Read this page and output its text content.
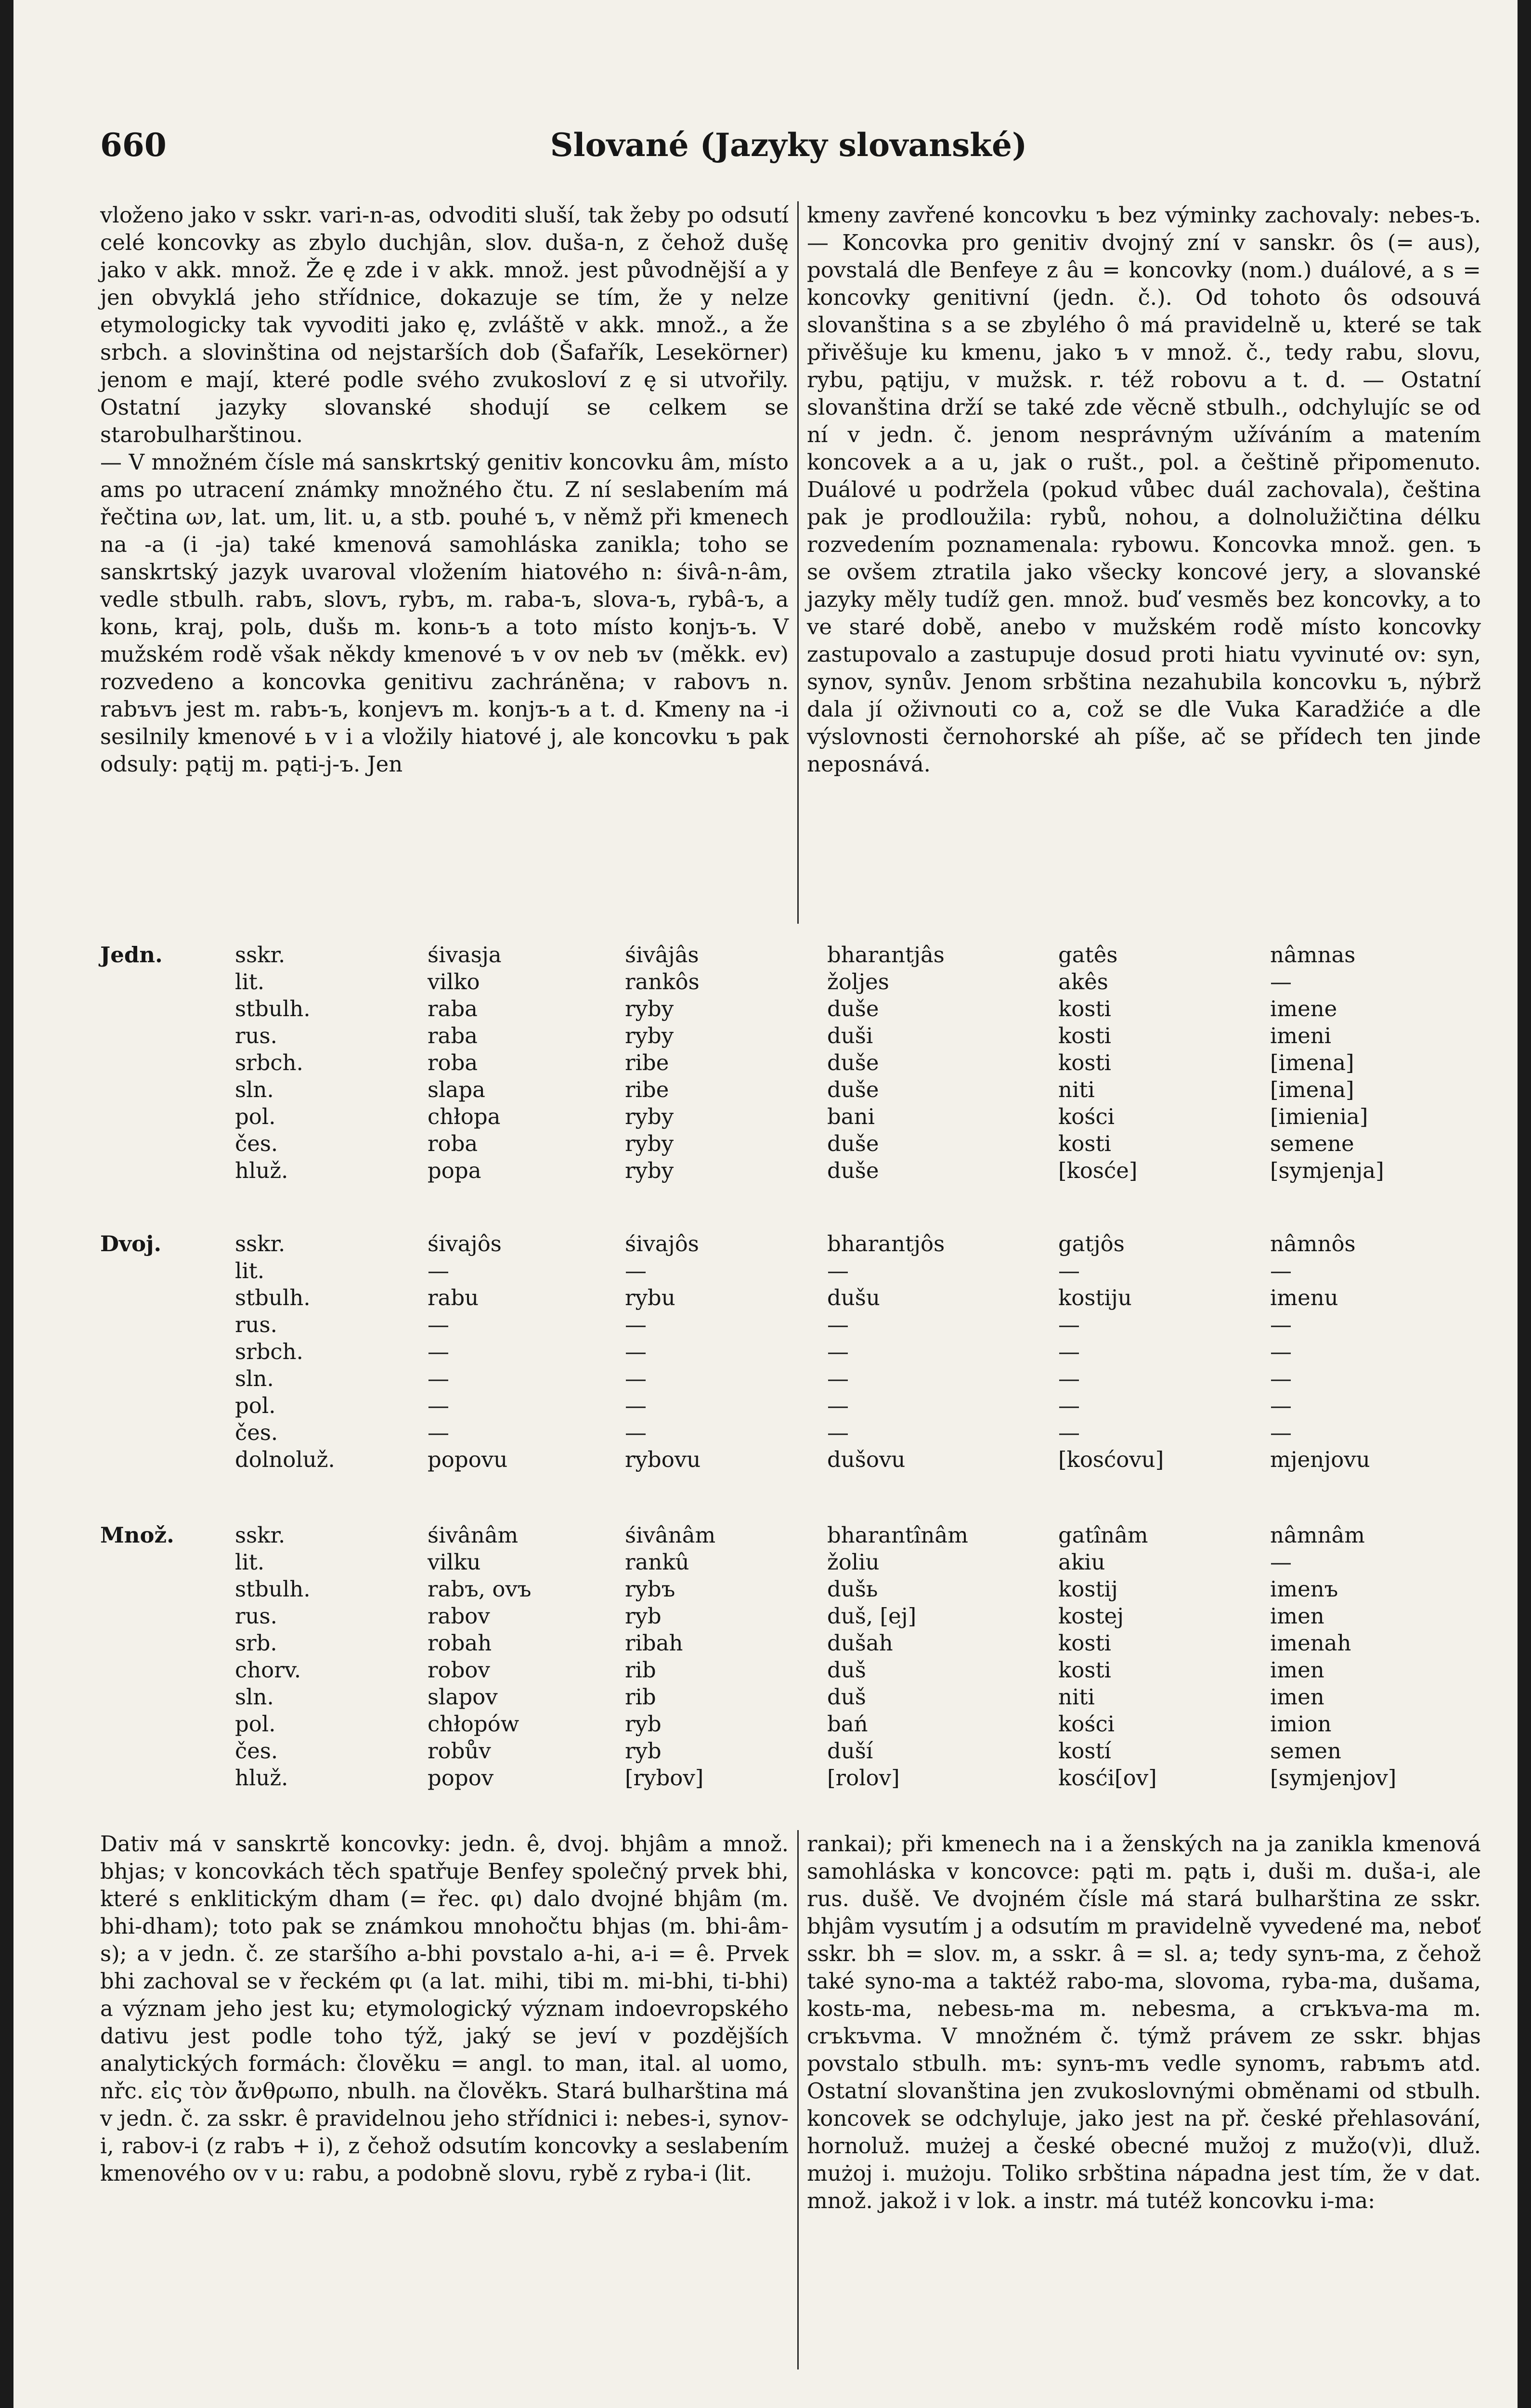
660	Slované (Jazyky slovanské)

vloženo jako v sskr. vari-n-as, odvoditi sluší, tak žeby po odsutí celé koncovky as zbylo duchjân, slov. duša-n, z čehož dušę jako v akk. množ. Že ę zde i v akk. množ. jest původnější a y jen obvyklá jeho střídnice, dokazuje se tím, že y nelze etymologicky tak vyvoditi jako ę, zvláště v akk. množ., a že srbch. a slovinština od nejstarších dob (Šafařík, Lesekörner) jenom e mají, které podle svého zvukosloví z ę si utvořily. Ostatní jazyky slovanské shodují se celkem se starobulharštinou.

— V množném čísle má sanskrtský genitiv koncovku âm, místo ams po utracení známky množného čtu. Z ní seslabením má řečtina ων, lat. um, lit. u, a stb. pouhé ъ, v němž při kmenech na -a (i -ja) také kmenová samohláska zanikla; toho se sanskrtský jazyk uvaroval vložením hiatového n: śivâ-n-âm, vedle stbulh. rabъ, slovъ, rybъ, m. raba-ъ, slova-ъ, rybâ-ъ, a konь, kraj, polь, dušь m. konь-ъ a toto místo konjъ-ъ. V mužském rodě však někdy kmenové ъ v ov neb ъv (měkk. ev) rozvedeno a koncovka genitivu zachráněna; v rabovъ n. rabъvъ jest m. rabъ-ъ, konjevъ m. konjъ-ъ a t. d. Kmeny na -i sesilnily kmenové ь v i a vložily hiatové j, ale koncovku ъ pak odsuly: pątij m. pąti-j-ъ. Jen

kmeny zavřené koncovku ъ bez výminky zachovaly: nebes-ъ. — Koncovka pro genitiv dvojný zní v sanskr. ôs (= aus), povstalá dle Benfeye z âu = koncovky (nom.) duálové, a s = koncovky genitivní (jedn. č.). Od tohoto ôs odsouvá slovanština s a se zbylého ô má pravidelně u, které se tak přivěšuje ku kmenu, jako ъ v množ. č., tedy rabu, slovu, rybu, pątiju, v mužsk. r. též robovu a t. d. — Ostatní slovanština drží se také zde věcně stbulh., odchylujíc se od ní v jedn. č. jenom nesprávným užíváním a matením koncovek a a u, jak o rušt., pol. a češtině připomenuto. Duálové u podržela (pokud vůbec duál zachovala), čeština pak je prodloužila: rybů, nohou, a dolnolužičtina délku rozvedením poznamenala: rybowu. Koncovka množ. gen. ъ se ovšem ztratila jako všecky koncové jery, a slovanské jazyky měly tudíž gen. množ. buď vesměs bez koncovky, a to ve staré době, anebo v mužském rodě místo koncovky zastupovalo a zastupuje dosud proti hiatu vyvinuté ov: syn, synov, synův. Jenom srbština nezahubila koncovku ъ, nýbrž dala jí oživnouti co a, což se dle Vuka Karadžiće a dle výslovnosti černohorské ah píše, ač se přídech ten jinde neposnává.

Jedn.	sskr.	śivasja	śivâjâs	bharantjâs	gatês	nâmnas
	lit.	vilko	rankôs	žoljes	akês	—
	stbulh.	raba	ryby	duše	kosti	imene
	rus.	raba	ryby	duši	kosti	imeni
	srbch.	roba	ribe	duše	kosti	[imena]
	sln.	slapa	ribe	duše	niti	[imena]
	pol.	chłopa	ryby	bani	kości	[imienia]
	čes.	roba	ryby	duše	kosti	semene
	hluž.	popa	ryby	duše	[kosće]	[symjenja]
Dvoj.	sskr.	śivajôs	śivajôs	bharantjôs	gatjôs	nâmnôs
	lit.	—	—	—	—	—
	stbulh.	rabu	rybu	dušu	kostiju	imenu
	rus.	—	—	—	—	—
	srbch.	—	—	—	—	—
	sln.	—	—	—	—	—
	pol.	—	—	—	—	—
	čes.	—	—	—	—	—
	dolnoluž.	popovu	rybovu	dušovu	[kosćovu]	mjenjovu
Množ.	sskr.	śivânâm	śivânâm	bharantînâm	gatînâm	nâmnâm
	lit.	vilku	rankû	žoliu	akiu	—
	stbulh.	rabъ, ovъ	rybъ	dušь	kostij	imenъ
	rus.	rabov	ryb	duš, [ej]	kostej	imen
	srb.	robah	ribah	dušah	kosti	imenah
	chorv.	robov	rib	duš	kosti	imen
	sln.	slapov	rib	duš	niti	imen
	pol.	chłopów	ryb	bań	kości	imion
	čes.	robův	ryb	duší	kostí	semen
	hluž.	popov	[rybov]	[rolov]	kosći[ov]	[symjenjov]

Dativ má v sanskrtě koncovky: jedn. ê, dvoj. bhjâm a množ. bhjas; v koncovkách těch spatřuje Benfey společný prvek bhi, které s enklitickým dham (= řec. φι) dalo dvojné bhjâm (m. bhi-dham); toto pak se známkou mnohočtu bhjas (m. bhi-âm-s); a v jedn. č. ze staršího a-bhi povstalo a-hi, a-i = ê. Prvek bhi zachoval se v řeckém φι (a lat. mihi, tibi m. mi-bhi, ti-bhi) a význam jeho jest ku; etymologický význam indoevropského dativu jest podle toho týž, jaký se jeví v pozdějších analytických formách: člověku = angl. to man, ital. al uomo, nřc. εἰς τὸν ἄνθρωπο, nbulh. na člověkъ. Stará bulharština má v jedn. č. za sskr. ê pravidelnou jeho střídnici i: nebes-i, synov-i, rabov-i (z rabъ + i), z čehož odsutím koncovky a seslabením kmenového ov v u: rabu, a podobně slovu, rybě z ryba-i (lit.

rankai); při kmenech na i a ženských na ja zaniklа kmenová samohláska v koncovce: pąti m. pątь i, duši m. duša-i, ale rus. dušě. Ve dvojném čísle má stará bulharština ze sskr. bhjâm vysutím j a odsutím m pravidelně vyvedené ma, neboť sskr. bh = slov. m, a sskr. â = sl. a; tedy synъ-ma, z čehož také syno-ma a taktéž rabo-ma, slovoma, ryba-ma, dušama, kostь-ma, nebesь-ma m. nebesma, a crъkъva-ma m. crъkъvma. V množném č. týmž právem ze sskr. bhjas povstalo stbulh. mъ: synъ-mъ vedle synomъ, rabъmъ atd. Ostatní slovanština jen zvukoslovnými obměnami od stbulh. koncovek se odchyluje, jako jest na př. české přehlasování, hornoluž. mużej a české obecné mužoj z mužo(v)i, dluž. mużoj i. mużoju. Toliko srbština nápadna jest tím, že v dat. množ. jakož i v lok. a instr. má tutéž koncovku i-ma:
